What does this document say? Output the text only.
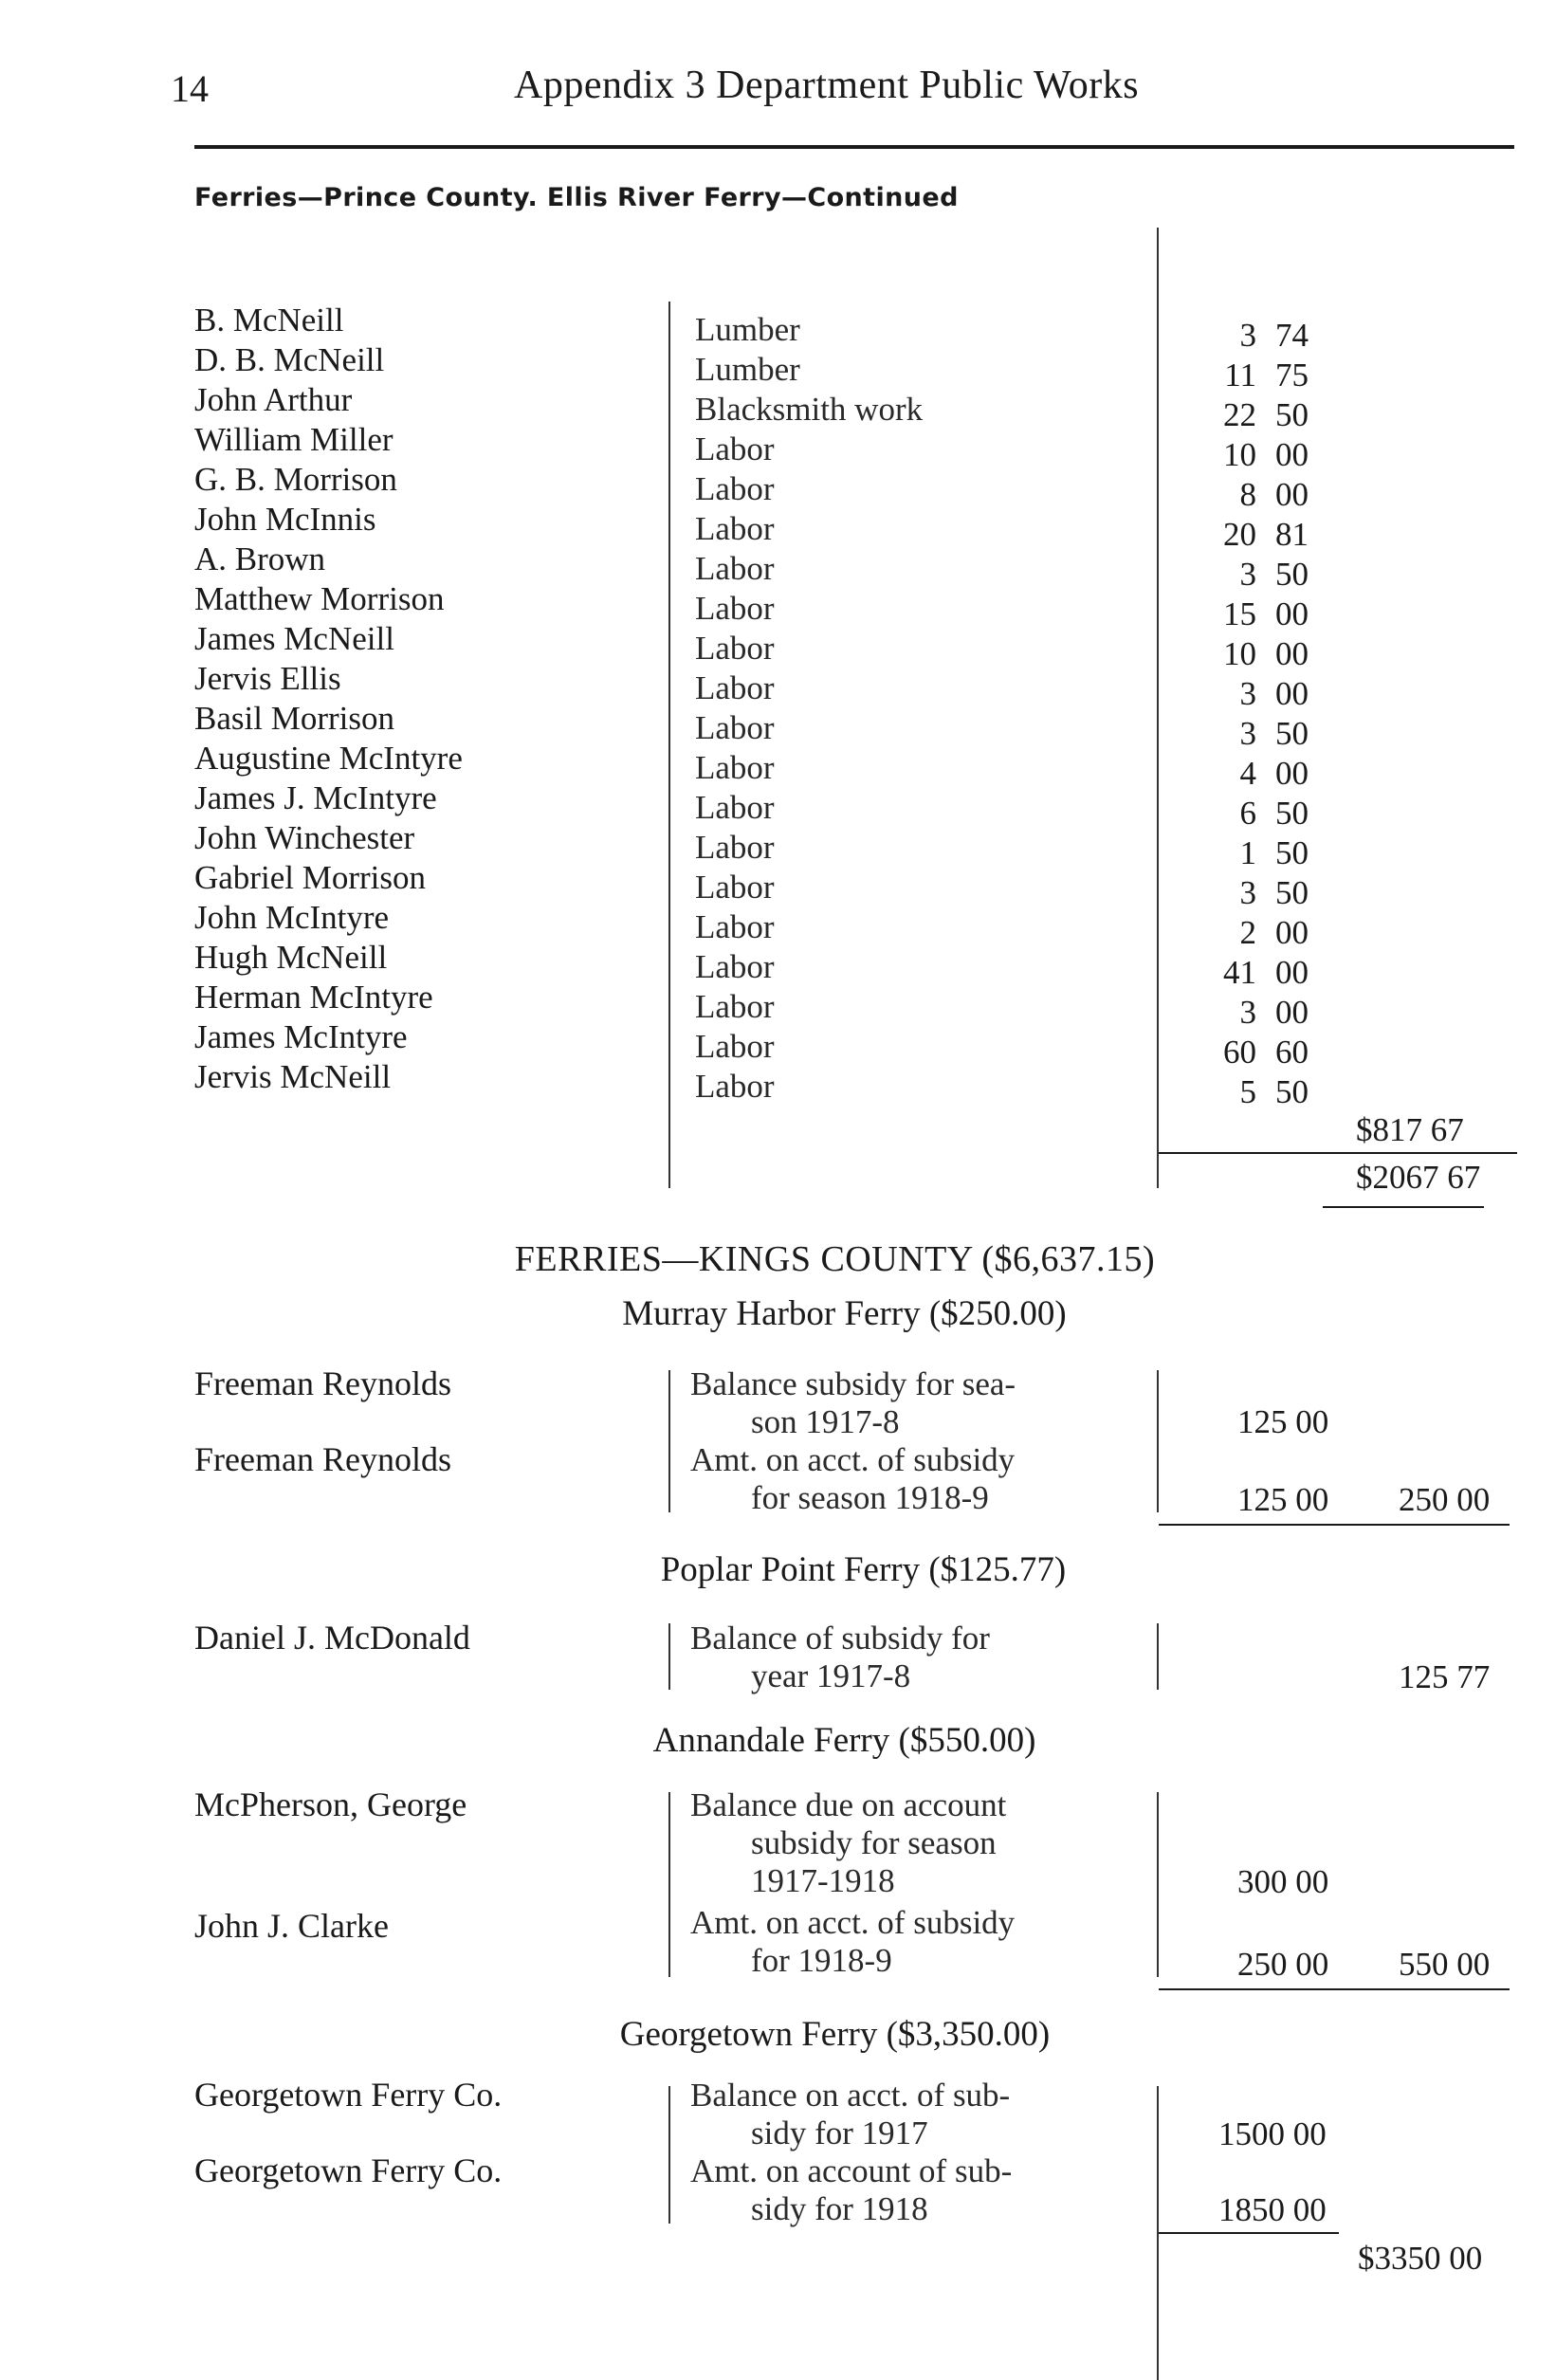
14	Appendix 3 Department Public Works
Ferries—Prince County. Ellis River Ferry—Continued
B. McNeill	Lumber	3 74
D. B. McNeill	Lumber	11 75
John Arthur	Blacksmith work	22 50
William Miller	Labor	10 00
G. B. Morrison	Labor	8 00
John McInnis	Labor	20 81
A. Brown	Labor	3 50
Matthew Morrison	Labor	15 00
James McNeill	Labor	10 00
Jervis Ellis	Labor	3 00
Basil Morrison	Labor	3 50
Augustine McIntyre	Labor	4 00
James J. McIntyre	Labor	6 50
John Winchester	Labor	1 50
Gabriel Morrison	Labor	3 50
John McIntyre	Labor	2 00
Hugh McNeill	Labor	41 00
Herman McIntyre	Labor	3 00
James McIntyre	Labor	60 60
Jervis McNeill	Labor	5 50
$817 67
$2067 67
FERRIES—KINGS COUNTY ($6,637.15)
Murray Harbor Ferry ($250.00)
Freeman Reynolds	Balance subsidy for sea-
son 1917-8	125 00
Freeman Reynolds	Amt. on acct. of subsidy
for season 1918-9	125 00 250 00
Poplar Point Ferry ($125.77)
Daniel J. McDonald	Balance of subsidy for
year 1917-8	125 77
Annandale Ferry ($550.00)
McPherson, George	Balance due on account
subsidy for season
1917-1918	300 00
John J. Clarke	Amt. on acct. of subsidy
for 1918-9	250 00 550 00
Georgetown Ferry ($3,350.00)
Georgetown Ferry Co.	Balance on acct. of sub-
sidy for 1917	1500 00
Georgetown Ferry Co.	Amt. on account of sub-
sidy for 1918	1850 00
$3350 00
